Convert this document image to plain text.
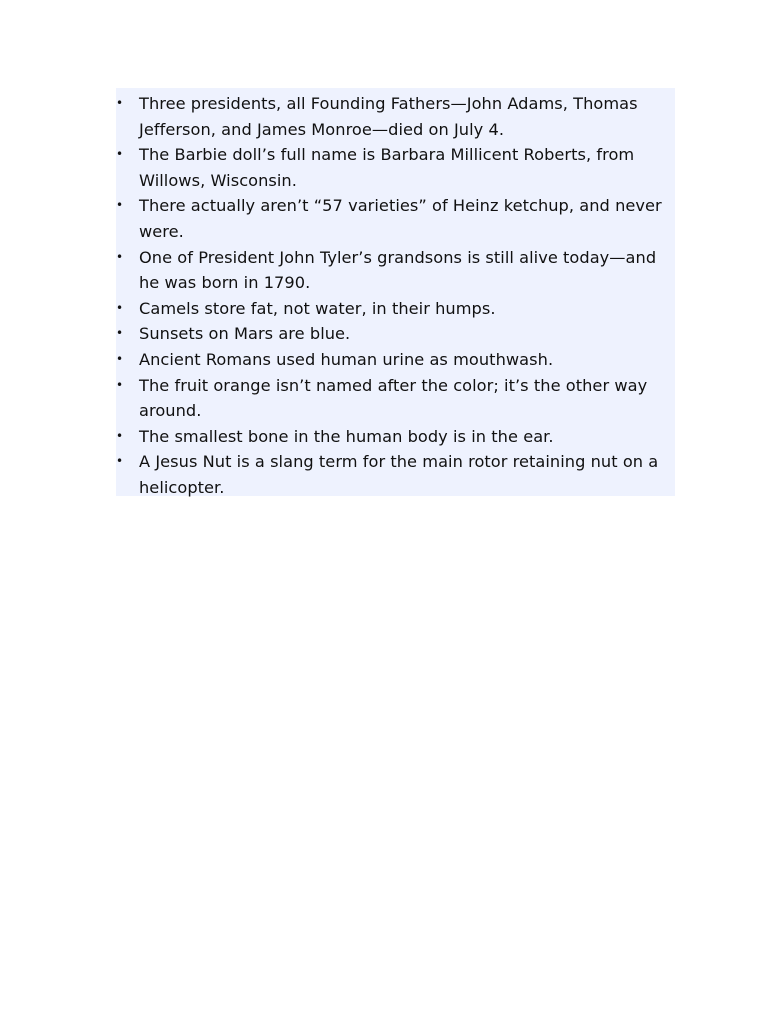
•
Three presidents, all Founding Fathers—John Adams, Thomas Jefferson, and James Monroe—died on July 4.
•
The Barbie doll’s full name is Barbara Millicent Roberts, from Willows, Wisconsin.
•
There actually aren’t “57 varieties” of Heinz ketchup, and never were.
•
One of President John Tyler’s grandsons is still alive today—and he was born in 1790.
•
Camels store fat, not water, in their humps.
•
Sunsets on Mars are blue.
•
Ancient Romans used human urine as mouthwash.
•
The fruit orange isn’t named after the color; it’s the other way around.
•
The smallest bone in the human body is in the ear.
•
A Jesus Nut is a slang term for the main rotor retaining nut on a helicopter.
